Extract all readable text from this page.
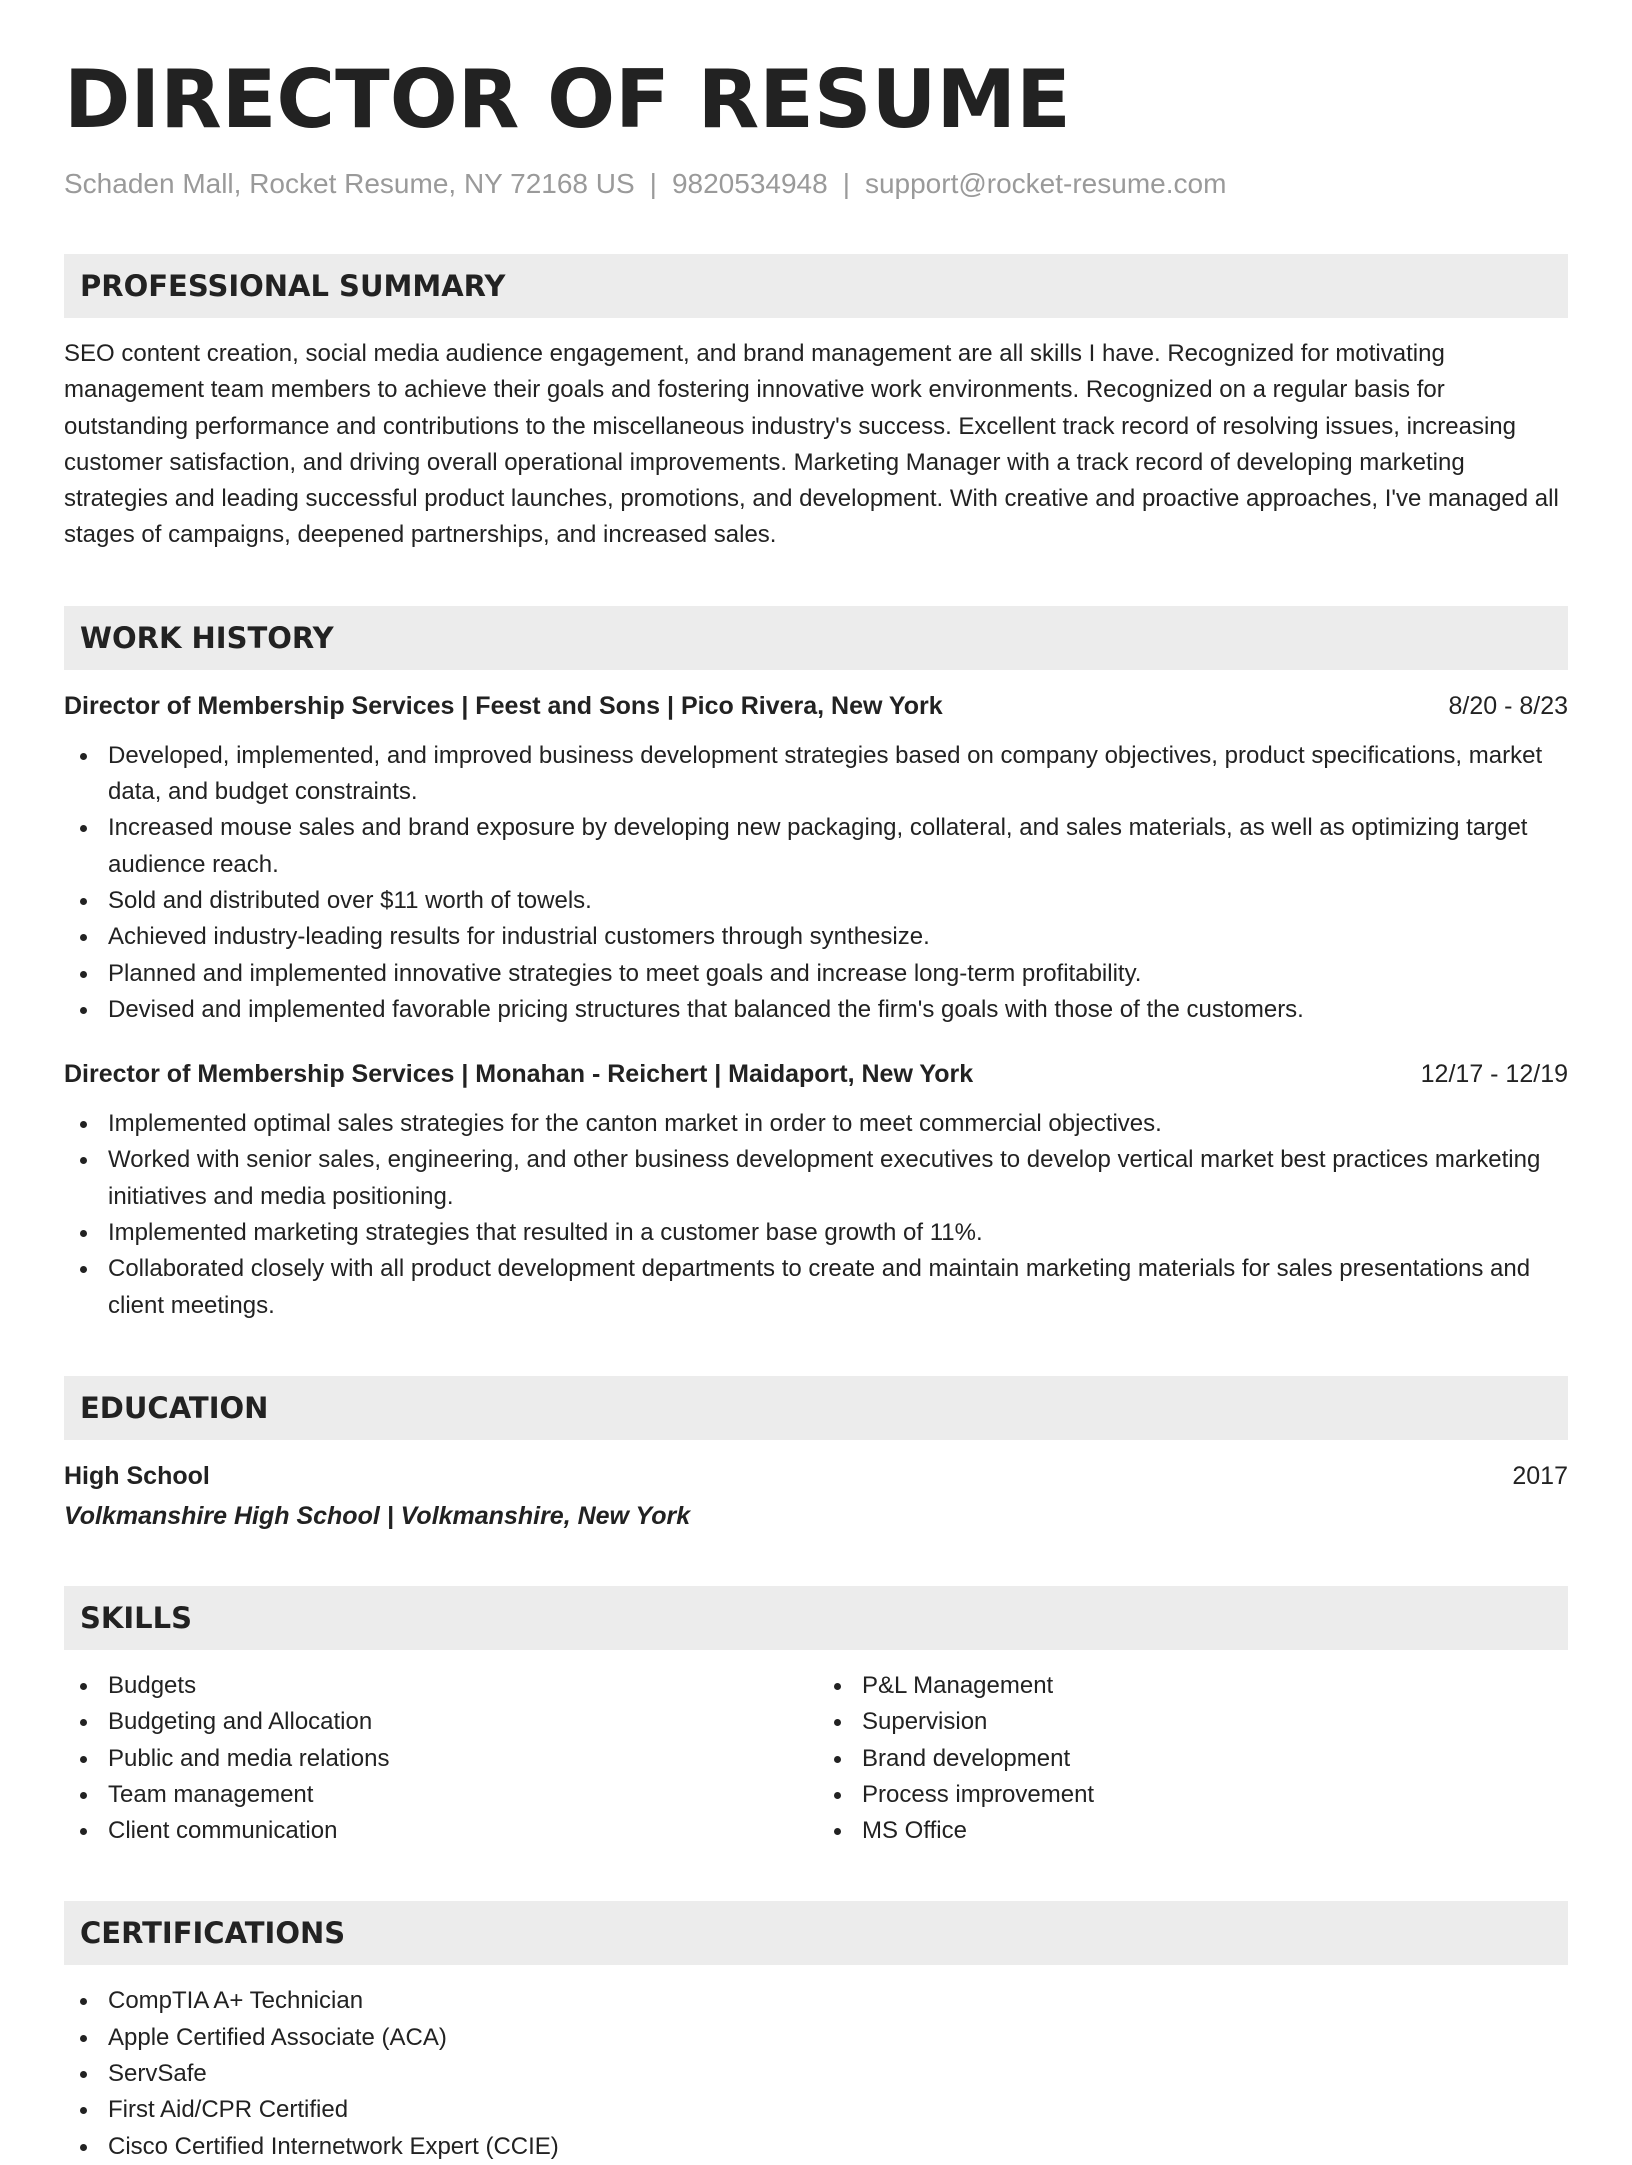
DIRECTOR OF RESUME
Schaden Mall, Rocket Resume, NY 72168 US | 9820534948 | support@rocket-resume.com
PROFESSIONAL SUMMARY

SEO content creation, social media audience engagement, and brand management are all skills I have. Recognized for motivating management team members to achieve their goals and fostering innovative work environments. Recognized on a regular basis for outstanding performance and contributions to the miscellaneous industry's success. Excellent track record of resolving issues, increasing customer satisfaction, and driving overall operational improvements. Marketing Manager with a track record of developing marketing strategies and leading successful product launches, promotions, and development. With creative and proactive approaches, I've managed all stages of campaigns, deepened partnerships, and increased sales.

WORK HISTORY
Director of Membership Services | Feest and Sons | Pico Rivera, New York	8/20 - 8/23
Developed, implemented, and improved business development strategies based on company objectives, product specifications, market data, and budget constraints.
Increased mouse sales and brand exposure by developing new packaging, collateral, and sales materials, as well as optimizing target audience reach.
Sold and distributed over $11 worth of towels.
Achieved industry-leading results for industrial customers through synthesize.
Planned and implemented innovative strategies to meet goals and increase long-term profitability.
Devised and implemented favorable pricing structures that balanced the firm's goals with those of the customers.
Director of Membership Services | Monahan - Reichert | Maidaport, New York	12/17 - 12/19
Implemented optimal sales strategies for the canton market in order to meet commercial objectives.
Worked with senior sales, engineering, and other business development executives to develop vertical market best practices marketing initiatives and media positioning.
Implemented marketing strategies that resulted in a customer base growth of 11%.
Collaborated closely with all product development departments to create and maintain marketing materials for sales presentations and client meetings.
EDUCATION
High School	2017
Volkmanshire High School | Volkmanshire, New York
SKILLS
Budgets
Budgeting and Allocation
Public and media relations
Team management
Client communication
P&L Management
Supervision
Brand development
Process improvement
MS Office
CERTIFICATIONS
CompTIA A+ Technician
Apple Certified Associate (ACA)
ServSafe
First Aid/CPR Certified
Cisco Certified Internetwork Expert (CCIE)
